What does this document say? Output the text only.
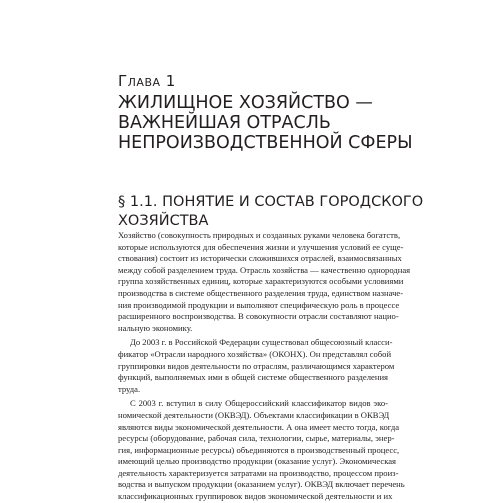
Глава 1
ЖИЛИЩНОЕ ХОЗЯЙСТВО —
ВАЖНЕЙШАЯ ОТРАСЛЬ
НЕПРОИЗВОДСТВЕННОЙ СФЕРЫ
§ 1.1. ПОНЯТИЕ И СОСТАВ ГОРОДСКОГО
ХОЗЯЙСТВА
Хозяйство (совокупность природных и созданных руками человека богатств,
которые используются для обеспечения жизни и улучшения условий ее суще-
ствования) состоит из исторически сложившихся отраслей, взаимосвязанных
между собой разделением труда. Отрасль хозяйства — качественно однородная
группа хозяйственных единиц, которые характеризуются особыми условиями
производства в системе общественного разделения труда, единством назначе-
ния производимой продукции и выполняют специфическую роль в процессе
расширенного воспроизводства. В совокупности отрасли составляют нацио-
нальную экономику.
До 2003 г. в Российской Федерации существовал общесоюзный класси-
фикатор «Отрасли народного хозяйства» (ОКОНХ). Он представлял собой
группировки видов деятельности по отраслям, различающимся характером
функций, выполняемых ими в общей системе общественного разделения
труда.
С 2003 г. вступил в силу Общероссийский классификатор видов эко-
номической деятельности (ОКВЭД). Объектами классификации в ОКВЭД
являются виды экономической деятельности. А она имеет место тогда, когда
ресурсы (оборудование, рабочая сила, технологии, сырье, материалы, энер-
гия, информационные ресурсы) объединяются в производственный процесс,
имеющий целью производство продукции (оказание услуг). Экономическая
деятельность характеризуется затратами на производство, процессом произ-
водства и выпуском продукции (оказанием услуг). ОКВЭД включает перечень
классификационных группировок видов экономической деятельности и их
